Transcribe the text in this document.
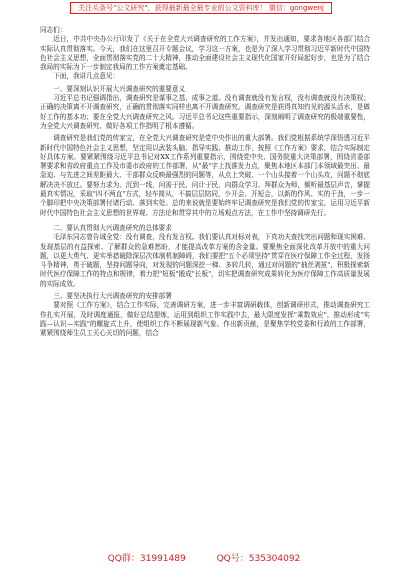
关注头条号"公文研究"，获得最新最全最专业的公文资料库！ 微信：gongwenj

同志们：

近日，中共中央办公厅印发了《关于在全党大兴调查研究的工作方案》，并发出通知，要求各地区各部门结合实际认真贯彻落实。今天，我们在这里召开专题会议，学习这一方案，也是为了深入学习贯彻习近平新时代中国特色社会主义思想，全面贯彻落实党的二十大精神，推动全面建设社会主义现代化国家开好局起好步，也是为了结合我局的实际为下一步制定我局的工作方案奠定基础。

下面，我讲几点意见：

一、要深刻认识开展大兴调查研究的重要意义

习近平总书记强调指出，调查研究是谋事之基、成事之道。没有调查就没有发言权，没有调查就没有决策权；正确的决策离不开调查研究，正确的贯彻落实同样也离不开调查研究。调查研究是获得真知灼见的源头活水，是做好工作的基本功；要在全党大兴调查研究之风。习近平总书记这些重要指示，深刻阐明了调查研究的极端重要性，为全党大兴调查研究、做好各项工作指明了根本遵循。

调查研究是我们党的传家宝，在全党大兴调查研究是党中央作出的重大部署。我们党根据系统学深悟透习近平新时代中国特色社会主义思想，坚定用以武装头脑、指导实践、推动工作，按照《工作方案》要求，结合实际制定好具体方案。要紧紧围绕习近平总书记对XX工作系列重要指示，围绕党中央、国务院重大决策部署，围绕省委部署要求和省政府重点工作及市委市政府的工作部署，从"最"字上找准发力点，聚焦本地区本部门本领域最突出、最急迫、与先进之间差距最大、干部群众反映最强烈的问题等，从点上突破、一个山头接着一个山头攻，问题不彻底解决决不放过。要努力求为、沉到一线，问需于民、问计于民，向群众学习、拜群众为师，倾听最基层声音，掌握最真实情况，采取"四不两直"方式，轻车简从，不搞层层陪同，少开会、开短会，以新的作风、实的干劲，一步一个脚印把中央决策部署付诸行动、落到实处。总的来说就是要始终牢记调查研究是我们党的传家宝，运用习近平新时代中国特色社会主义思想的世界观、方法论和贯穿其中的立场观点方法，在工作中坚持调研先行。

二、要认真贯彻大兴调查研究的总体要求

毛泽东同志曾告诫全党：没有调查，没有发言权。我们要认真对标对表，下真功夫查找突出问题和现实困难、发现基层的有益探索、了解群众的急难愁盼，才能提高改革方案的含金量。要聚焦全面深化改革开放中的重大问题，以更大勇气、更实举措破除深层次体制机制障碍，我们要把"五个必须坚持"贯穿在医疗保障工作全过程，发扬斗争精神，勇于破题，坚持问题导向，对发现的问题深挖一梯、多转几转，通过对问题的"抽丝剥茧"，积极探索新时代医疗保障工作的特点和规律，着力把"短板"锻成"长板"，切实把调查研究成果转化为医疗保障工作高质量发展的实际成效。

三、要坚决执行大兴调查研究的安排部署

要对照《工作方案》，结合工作实际，完善调研方案，进一步丰富调研载体，创新调研形式，推动调查研究工作扎实开展，及时调度通报，做好总结提炼，运用到组织工作实践中去，最大限度发挥"乘数效应"，推动形成"实践—认识—实践"的螺旋式上升，使组织工作不断展现新气象、作出新贡献，是聚焦学校党委和行政的工作部署，紧紧围绕师生员工关心关切的问题，结合

QQ群：31991489	QQ号：535304092
